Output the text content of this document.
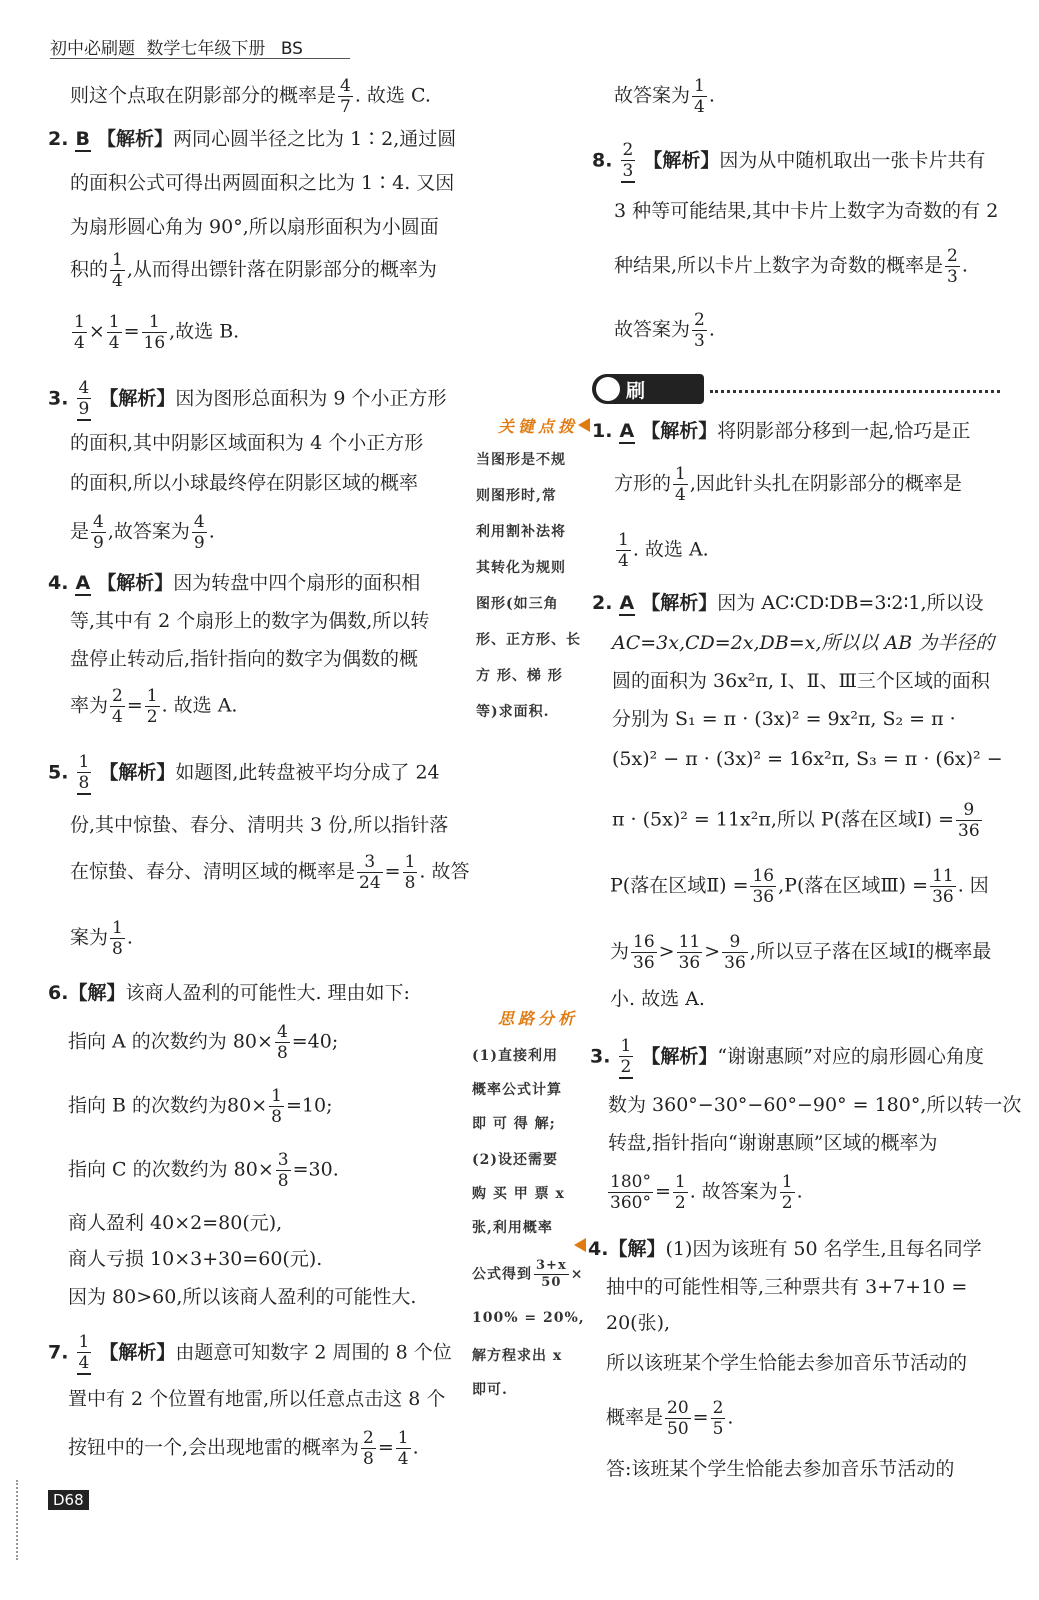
初中必刷题 数学七年级下册 BS
则这个点取在阴影部分的概率是 $\frac{4}{7}$ . 故选 C.
2. B 【解析】两同心圆半径之比为 1∶2,通过圆
的面积公式可得出两圆面积之比为 1∶4. 又因
为扇形圆心角为 90°,所以扇形面积为小圆面
积的 $\frac{1}{4}$ ,从而得出镖针落在阴影部分的概率为
$\frac{1}{4} \times \frac{1}{4} = \frac{1}{16}$ ,故选 B.
3. $\frac{4}{9}$ 【解析】因为图形总面积为 9 个小正方形
的面积,其中阴影区域面积为 4 个小正方形
的面积,所以小球最终停在阴影区域的概率
是 $\frac{4}{9}$ ,故答案为 $\frac{4}{9}$ .
4. A 【解析】因为转盘中四个扇形的面积相
等,其中有 2 个扇形上的数字为偶数,所以转
盘停止转动后,指针指向的数字为偶数的概
率为 $\frac{2}{4} = \frac{1}{2}$ . 故选 A.
5. $\frac{1}{8}$ 【解析】如题图,此转盘被平均分成了 24
份,其中惊蛰、春分、清明共 3 份,所以指针落
在惊蛰、春分、清明区域的概率是 $\frac{3}{24} = \frac{1}{8}$ . 故答
案为 $\frac{1}{8}$ .
6.【解】该商人盈利的可能性大. 理由如下:
指向 A 的次数约为 $80\times \frac{4}{8} =40$;
指向 B 的次数约为$80\times \frac{1}{8} =10$;
指向 C 的次数约为 $80\times \frac{3}{8} =30$.
商人盈利 40×2=80(元),
商人亏损 10×3+30=60(元).
因为 80>60,所以该商人盈利的可能性大.
7. $\frac{1}{4}$ 【解析】由题意可知数字 2 周围的 8 个位
置中有 2 个位置有地雷,所以任意点击这 8 个
按钮中的一个,会出现地雷的概率为 $\frac{2}{8} = \frac{1}{4}$ .
D68
关键点拨
当图形是不规
则图形时,常
利用割补法将
其转化为规则
图形(如三角
形、正方形、长
方 形、梯 形
等)求面积.
思路分析
(1)直接利用
概率公式计算
即 可 得 解;
(2)设还需要
购 买 甲 票 x
张,利用概率
公式得到 $\frac{3+x}{50}$ ×
100% = 20%,
解方程求出 x
即可.
故答案为 $\frac{1}{4}$ .
8. $\frac{2}{3}$ 【解析】因为从中随机取出一张卡片共有
3 种等可能结果,其中卡片上数字为奇数的有 2
种结果,所以卡片上数字为奇数的概率是 $\frac{2}{3}$ .
故答案为 $\frac{2}{3}$ .
刷提升
1. A 【解析】将阴影部分移到一起,恰巧是正
方形的 $\frac{1}{4}$ ,因此针头扎在阴影部分的概率是
$\frac{1}{4}$ . 故选 A.
2. A 【解析】因为 AC∶CD∶DB=3∶2∶1,所以设
AC=3x,CD=2x,DB=x,所以以 AB 为半径的
圆的面积为 36x²π, Ⅰ、Ⅱ、Ⅲ三个区域的面积
分别为 S₁ = π · (3x)² = 9x²π, S₂ = π ·
(5x)² − π · (3x)² = 16x²π, S₃ = π · (6x)² −
π · (5x)² = 11x²π,所以 P(落在区域Ⅰ) = $\frac{9}{36}$
P(落在区域Ⅱ) = $\frac{16}{36} ,P$(落在区域Ⅲ) = $\frac{11}{36}$ . 因
为 $\frac{16}{36} > \frac{11}{36} > \frac{9}{36}$ ,所以豆子落在区域Ⅰ的概率最
小. 故选 A.
3. $\frac{1}{2}$ 【解析】“谢谢惠顾”对应的扇形圆心角度
数为 360°−30°−60°−90° = 180°,所以转一次
转盘,指针指向“谢谢惠顾”区域的概率为
$\frac{180^\circ}{360^\circ} = \frac{1}{2}$ . 故答案为 $\frac{1}{2}$ .
4.【解】(1)因为该班有 50 名学生,且每名同学
抽中的可能性相等,三种票共有 3+7+10 =
20(张),
所以该班某个学生恰能去参加音乐节活动的
概率是 $\frac{20}{50} = \frac{2}{5}$ .
答:该班某个学生恰能去参加音乐节活动的
